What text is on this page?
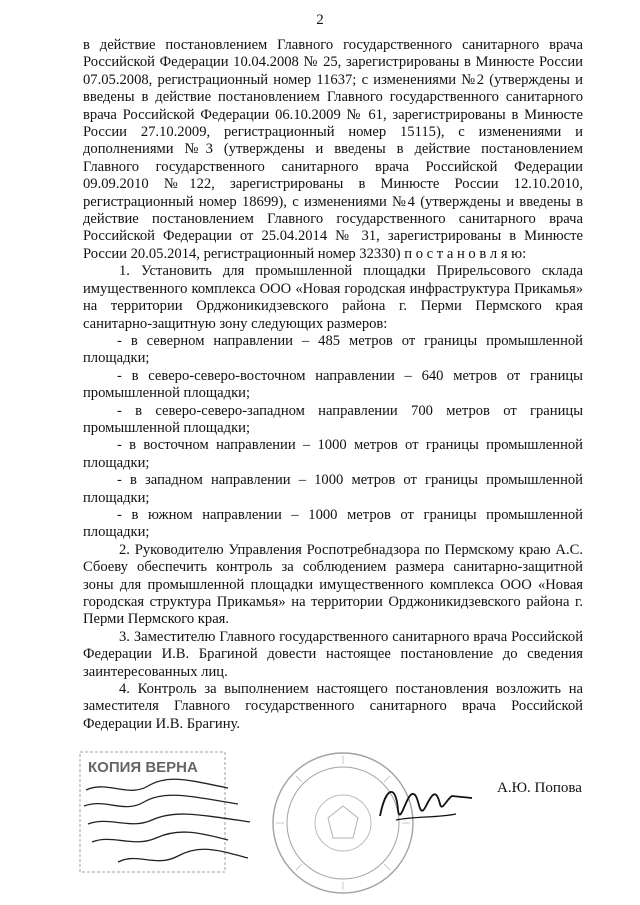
2

в действие постановлением Главного государственного санитарного врача Российской Федерации 10.04.2008 № 25, зарегистрированы в Минюсте России 07.05.2008, регистрационный номер 11637; с изменениями №2 (утверждены и введены в действие постановлением Главного государственного санитарного врача Российской Федерации 06.10.2009 № 61, зарегистрированы в Минюсте России 27.10.2009, регистрационный номер 15115), с изменениями и дополнениями №3 (утверждены и введены в действие постановлением Главного государственного санитарного врача Российской Федерации 09.09.2010 №122, зарегистрированы в Минюсте России 12.10.2010, регистрационный номер 18699), с изменениями №4 (утверждены и введены в действие постановлением Главного государственного санитарного врача Российской Федерации от 25.04.2014 № 31, зарегистрированы в Минюсте России 20.05.2014, регистрационный номер 32330) п о с т а н о в л я ю:

1. Установить для промышленной площадки Прирельсового склада имущественного комплекса ООО «Новая городская инфраструктура Прикамья» на территории Орджоникидзевского района г. Перми Пермского края санитарно-защитную зону следующих размеров:

- в северном направлении – 485 метров от границы промышленной площадки;

- в северо-северо-восточном направлении – 640 метров от границы промышленной площадки;

- в северо-северо-западном направлении 700 метров от границы промышленной площадки;

- в восточном направлении – 1000 метров от границы промышленной площадки;

- в западном направлении – 1000 метров от границы промышленной площадки;

- в южном направлении – 1000 метров от границы промышленной площадки;

2. Руководителю Управления Роспотребнадзора по Пермскому краю А.С. Сбоеву обеспечить контроль за соблюдением размера санитарно-защитной зоны для промышленной площадки имущественного комплекса ООО «Новая городская структура Прикамья» на территории Орджоникидзевского района г. Перми Пермского края.

3. Заместителю Главного государственного санитарного врача Российской Федерации И.В. Брагиной довести настоящее постановление до сведения заинтересованных лиц.

4. Контроль за выполнением настоящего постановления возложить на заместителя Главного государственного санитарного врача Российской Федерации И.В. Брагину.

КОПИЯ ВЕРНА
А.Ю. Попова
